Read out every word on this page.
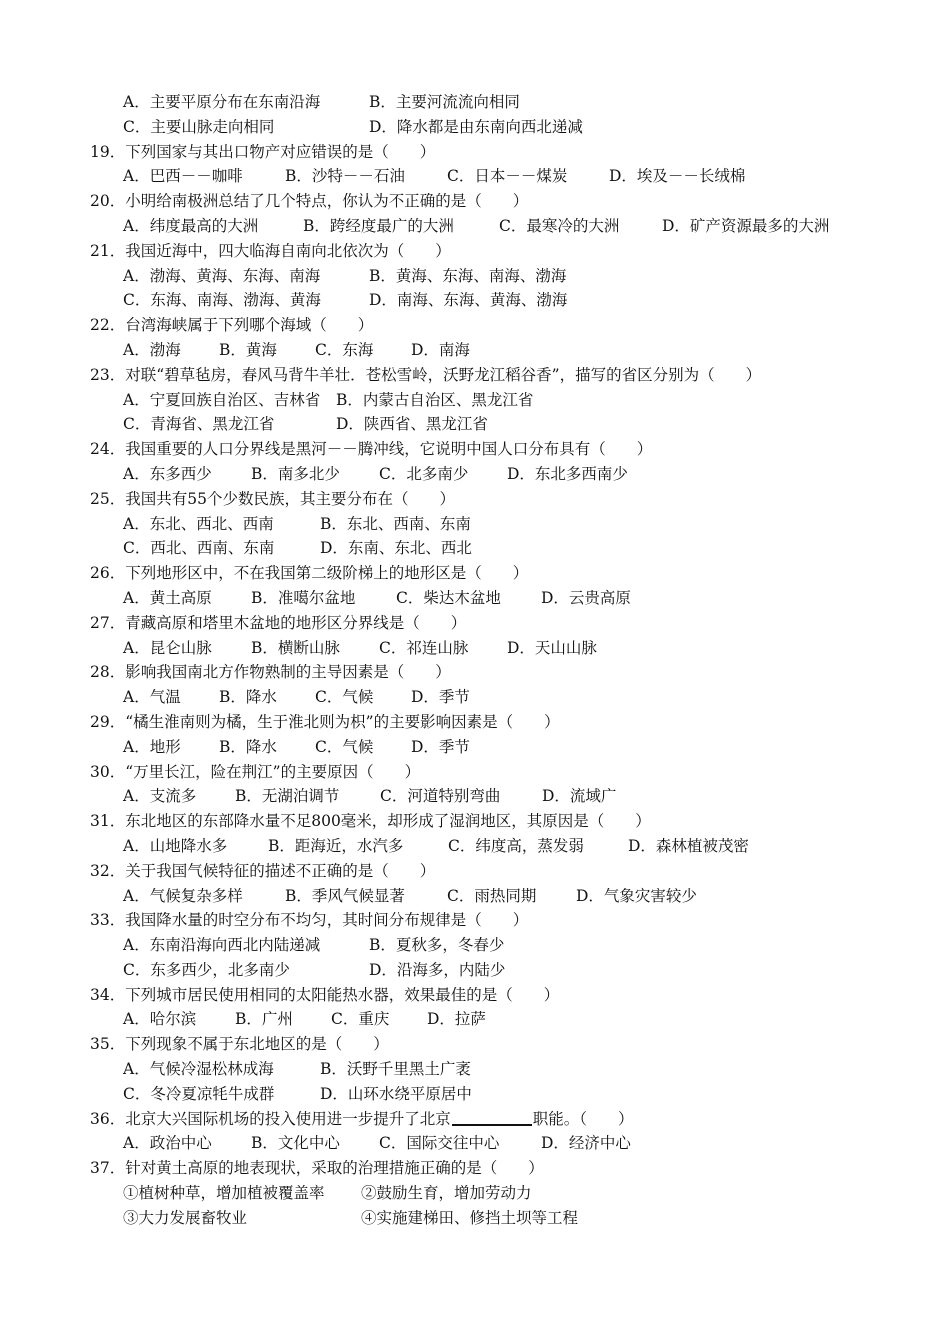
A．主要平原分布在东南沿海	B．主要河流流向相同
C．主要山脉走向相同	D．降水都是由东南向西北递减
19．下列国家与其出口物产对应错误的是（　　）
A．巴西－－咖啡	B．沙特－－石油	C．日本－－煤炭	D．埃及－－长绒棉
20．小明给南极洲总结了几个特点，你认为不正确的是（　　）
A．纬度最高的大洲	B．跨经度最广的大洲	C．最寒冷的大洲	D．矿产资源最多的大洲
21．我国近海中，四大临海自南向北依次为（　　）
A．渤海、黄海、东海、南海	B．黄海、东海、南海、渤海
C．东海、南海、渤海、黄海	D．南海、东海、黄海、渤海
22．台湾海峡属于下列哪个海域（　　）
A．渤海 B．黄海 C．东海 D．南海
23．对联“碧草毡房，春风马背牛羊壮．苍松雪岭，沃野龙江稻谷香”，描写的省区分别为（　　）
A．宁夏回族自治区、吉林省 B．内蒙古自治区、黑龙江省
C．青海省、黑龙江省	D．陕西省、黑龙江省
24．我国重要的人口分界线是黑河－－腾冲线，它说明中国人口分布具有（　　）
A．东多西少	B．南多北少	C．北多南少 D．东北多西南少
25．我国共有55个少数民族，其主要分布在（　　）
A．东北、西北、西南	B．东北、西南、东南
C．西北、西南、东南	D．东南、东北、西北
26．下列地形区中，不在我国第二级阶梯上的地形区是（　　）
A．黄土高原	B．准噶尔盆地	C．柴达木盆地	D．云贵高原
27．青藏高原和塔里木盆地的地形区分界线是（　　）
A．昆仑山脉	B．横断山脉	C．祁连山脉 D．天山山脉
28．影响我国南北方作物熟制的主导因素是（　　）
A．气温 B．降水 C．气候 D．季节
29．“橘生淮南则为橘，生于淮北则为枳”的主要影响因素是（　　）
A．地形 B．降水 C．气候 D．季节
30．“万里长江，险在荆江”的主要原因（　　）
A．支流多	B．无湖泊调节	C．河道特别弯曲	D．流域广
31．东北地区的东部降水量不足800毫米，却形成了湿润地区，其原因是（　　）
A．山地降水多	B．距海近，水汽多	C．纬度高，蒸发弱	D．森林植被茂密
32．关于我国气候特征的描述不正确的是（　　）
A．气候复杂多样	B．季风气候显著	C．雨热同期	D．气象灾害较少
33．我国降水量的时空分布不均匀，其时间分布规律是（　　）
A．东南沿海向西北内陆递减	B．夏秋多，冬春少
C．东多西少，北多南少	D．沿海多，内陆少
34．下列城市居民使用相同的太阳能热水器，效果最佳的是（　　）
A．哈尔滨	B．广州 C．重庆 D．拉萨
35．下列现象不属于东北地区的是（　　）
A．气候冷湿松林成海	B．沃野千里黑土广袤
C．冬冷夏凉牦牛成群	D．山环水绕平原居中
36．北京大兴国际机场的投入使用进一步提升了北京	职能。（　　）
A．政治中心	B．文化中心	C．国际交往中心	D．经济中心
37．针对黄土高原的地表现状，采取的治理措施正确的是（　　）
①植树种草，增加植被覆盖率 ②鼓励生育，增加劳动力
③大力发展畜牧业	④实施建梯田、修挡土坝等工程
